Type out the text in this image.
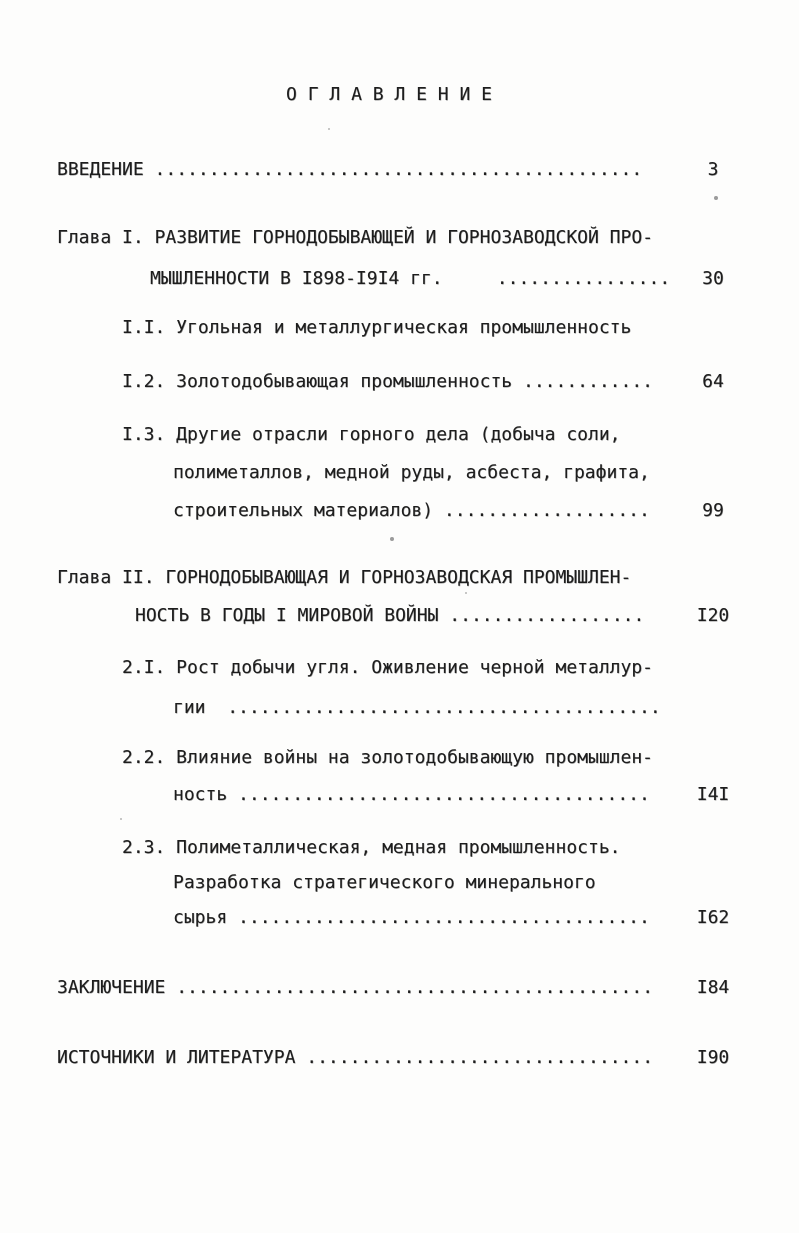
О Г Л А В Л Е Н И Е
ВВЕДЕНИЕ .............................................	3
Глава I. РАЗВИТИЕ ГОРНОДОБЫВАЮЩЕЙ И ГОРНОЗАВОДСКОЙ ПРО-
МЫШЛЕННОСТИ В I898-I9I4 гг.     ................	30
I.I. Угольная и металлургическая промышленность
I.2. Золотодобывающая промышленность ............	64
I.3. Другие отрасли горного дела (добыча соли,
полиметаллов, медной руды, асбеста, графита,
строительных материалов) ...................	99
Глава II. ГОРНОДОБЫВАЮЩАЯ И ГОРНОЗАВОДСКАЯ ПРОМЫШЛЕН-
НОСТЬ В ГОДЫ I МИРОВОЙ ВОЙНЫ ..................	I20
2.I. Рост добычи угля. Оживление черной металлур-
гии  ........................................
2.2. Влияние войны на золотодобывающую промышлен-
ность ......................................	I4I
2.3. Полиметаллическая, медная промышленность.
Разработка стратегического минерального
сырья ......................................	I62
ЗАКЛЮЧЕНИЕ ............................................	I84
ИСТОЧНИКИ И ЛИТЕРАТУРА ................................	I90
